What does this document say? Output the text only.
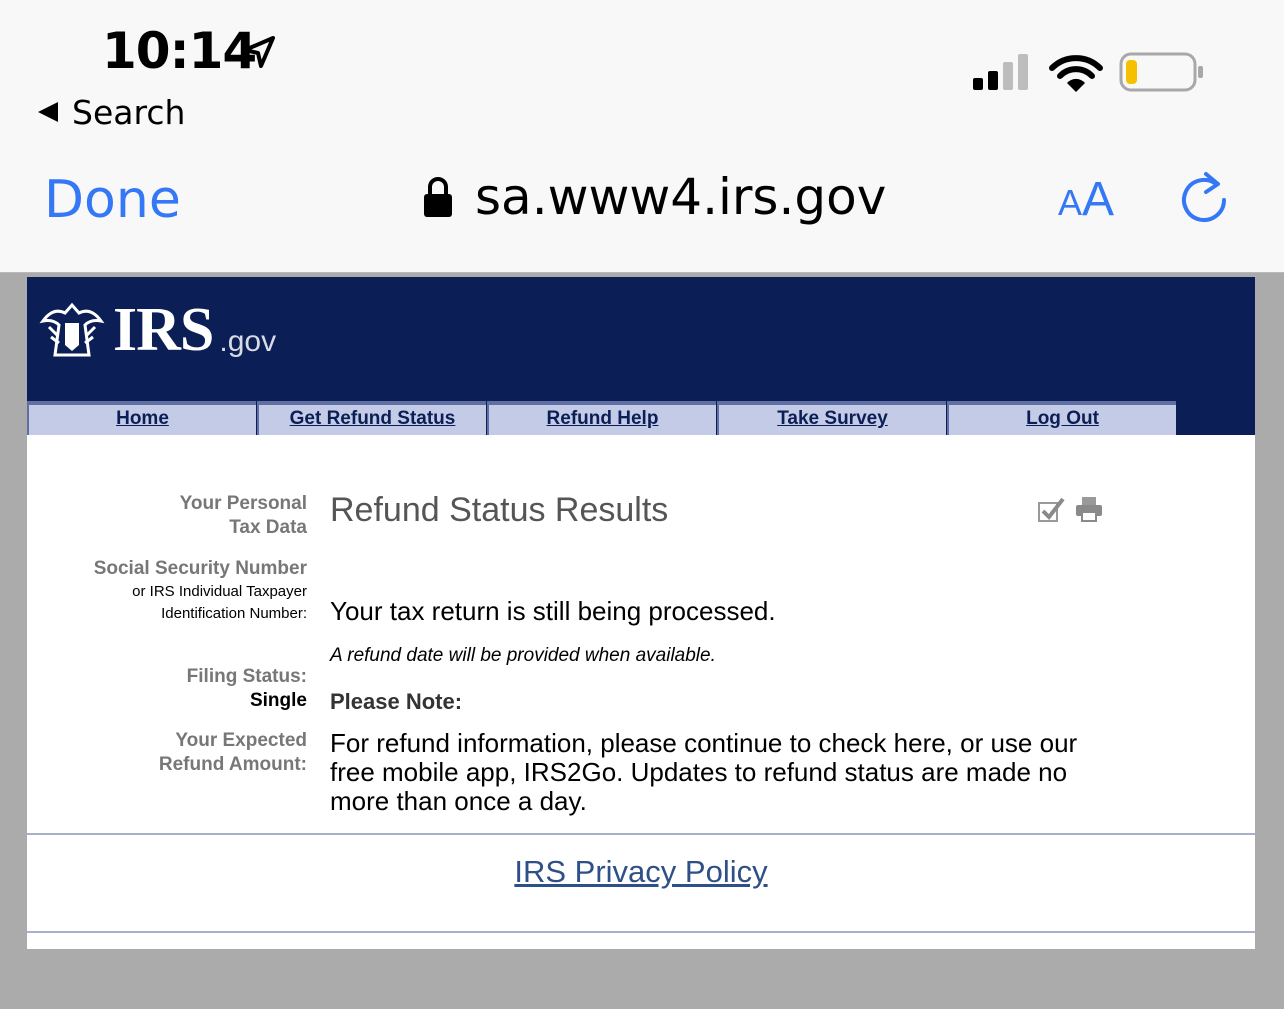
10:14
Search
Done	sa.www4.irs.gov	AA
IRS .gov
Home	Get Refund Status	Refund Help	Take Survey	Log Out
Your Personal
Tax Data
Social Security Number
or IRS Individual Taxpayer
Identification Number:
Filing Status:
Single
Your Expected
Refund Amount:
Refund Status Results
Your tax return is still being processed.
A refund date will be provided when available.
Please Note:
For refund information, please continue to check here, or use our free mobile app, IRS2Go. Updates to refund status are made no more than once a day.
IRS Privacy Policy
